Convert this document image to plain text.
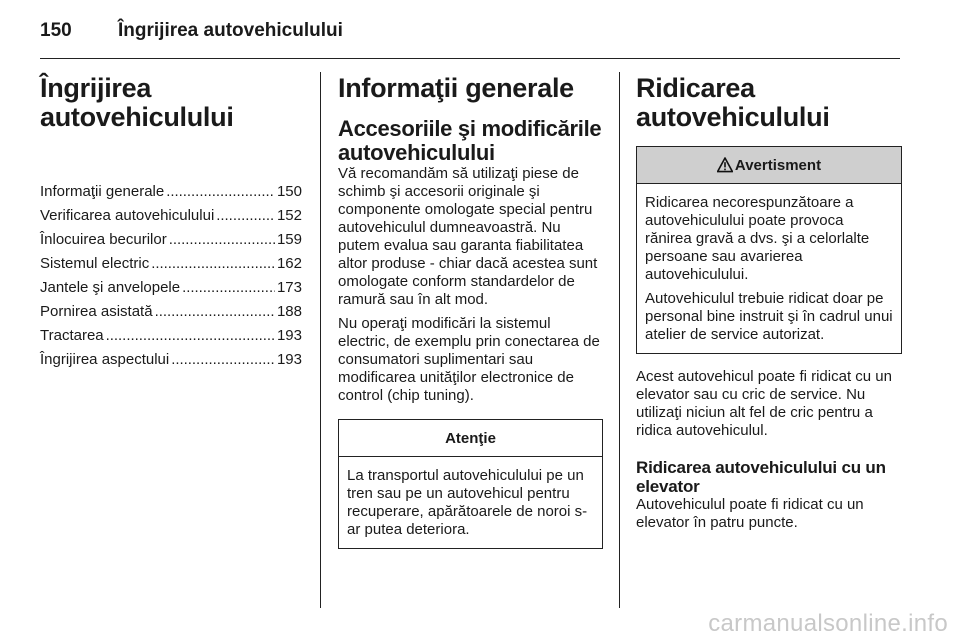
150 Îngrijirea autovehiculului
Îngrijirea autovehiculului
Informaţii generale . . .	150
Verificarea autovehiculului . . .	152
Înlocuirea becurilor . . .	159
Sistemul electric . . .	162
Jantele şi anvelopele . . .	173
Pornirea asistată . . .	188
Tractarea . . .	193
Îngrijirea aspectului . . .	193
Informaţii generale
Accesoriile şi modificările autovehiculului

Vă recomandăm să utilizaţi piese de schimb şi accesorii originale şi componente omologate special pentru autovehiculul dumneavoastră. Nu putem evalua sau garanta fiabilitatea altor produse - chiar dacă acestea sunt omologate conform standardelor de ramură sau în alt mod.

Nu operaţi modificări la sistemul electric, de exemplu prin conectarea de consumatori suplimentari sau modificarea unităţilor electronice de control (chip tuning).

Atenţie

La transportul autovehiculului pe un tren sau pe un autovehicul pentru recuperare, apărătoarele de noroi s-ar putea deteriora.

Ridicarea autovehiculului
Avertisment

Ridicarea necorespunzătoare a autovehiculului poate provoca rănirea gravă a dvs. şi a celorlalte persoane sau avarierea autovehiculului.

Autovehiculul trebuie ridicat doar pe personal bine instruit şi în cadrul unui atelier de service autorizat.

Acest autovehicul poate fi ridicat cu un elevator sau cu cric de service. Nu utilizaţi niciun alt fel de cric pentru a ridica autovehiculul.

Ridicarea autovehiculului cu un elevator

Autovehiculul poate fi ridicat cu un elevator în patru puncte.

carmanualsonline.info
